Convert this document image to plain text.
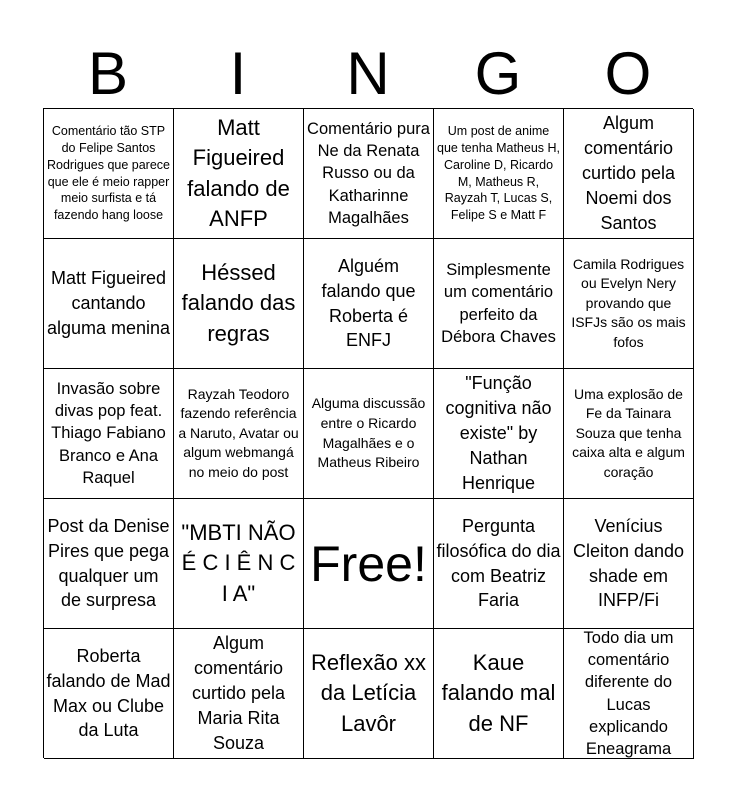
B	I	N	G	O
Comentário tão STP do Felipe Santos Rodrigues que parece que ele é meio rapper meio surfista e tá fazendo hang loose
Matt Figueired falando de ANFP
Comentário pura Ne da Renata Russo ou da Katharinne Magalhães
Um post de anime que tenha Matheus H, Caroline D, Ricardo M, Matheus R, Rayzah T, Lucas S, Felipe S e Matt F
Algum comentário curtido pela Noemi dos Santos
Matt Figueired cantando alguma menina
Héssed falando das regras
Alguém falando que Roberta é ENFJ
Simplesmente um comentário perfeito da Débora Chaves
Camila Rodrigues ou Evelyn Nery provando que ISFJs são os mais fofos
Invasão sobre divas pop feat. Thiago Fabiano Branco e Ana Raquel
Rayzah Teodoro fazendo referência a Naruto, Avatar ou algum webmangá no meio do post
Alguma discussão entre o Ricardo Magalhães e o Matheus Ribeiro
"Função cognitiva não existe" by Nathan Henrique
Uma explosão de Fe da Tainara Souza que tenha caixa alta e algum coração
Post da Denise Pires que pega qualquer um de surpresa
"MBTI NÃO É C I Ê N C I A"
Free!
Pergunta filosófica do dia com Beatriz Faria
Venícius Cleiton dando shade em INFP/Fi
Roberta falando de Mad Max ou Clube da Luta
Algum comentário curtido pela Maria Rita Souza
Reflexão xx da Letícia Lavôr
Kaue falando mal de NF
Todo dia um comentário diferente do Lucas explicando Eneagrama
